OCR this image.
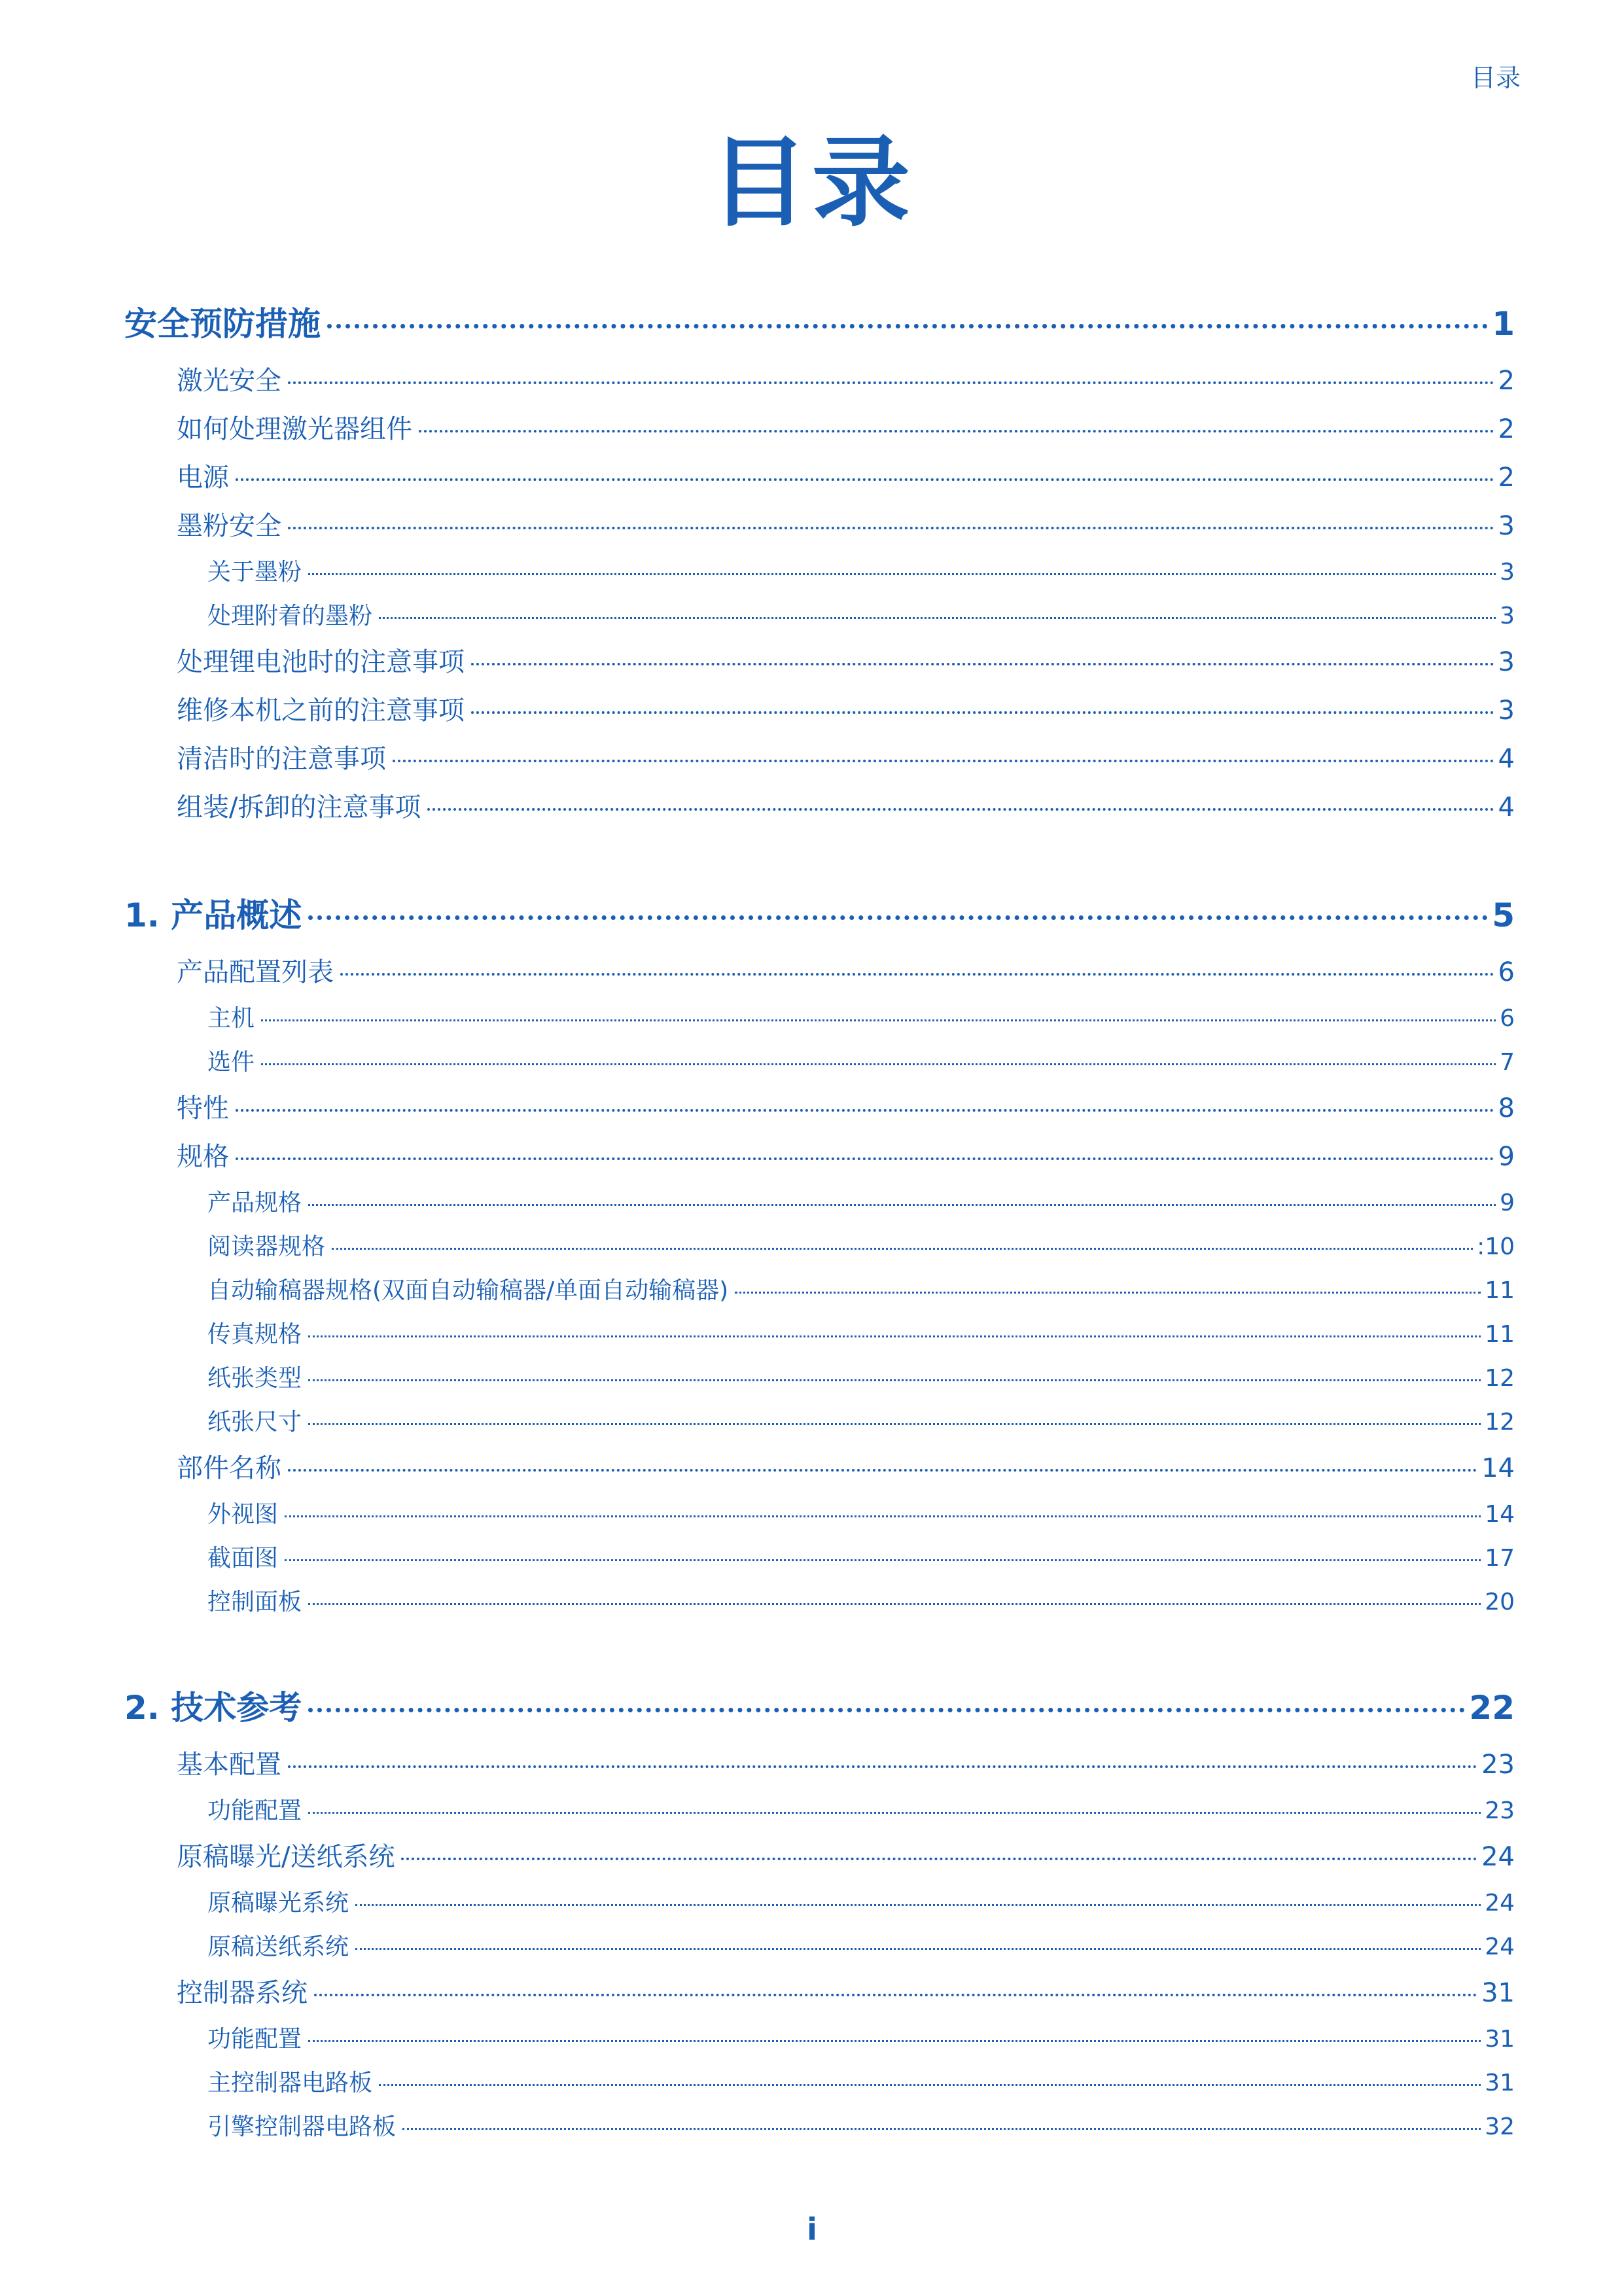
目录
目录
安全预防措施	1
激光安全	2
如何处理激光器组件	2
电源	2
墨粉安全	3
关于墨粉	3
处理附着的墨粉	3
处理锂电池时的注意事项	3
维修本机之前的注意事项	3
清洁时的注意事项	4
组装/拆卸的注意事项	4
1. 产品概述	5
产品配置列表	6
主机	6
选件	7
特性	8
规格	9
产品规格	9
阅读器规格	:10
自动输稿器规格(双面自动输稿器/单面自动输稿器)	11
传真规格	11
纸张类型	12
纸张尺寸	12
部件名称	14
外视图	14
截面图	17
控制面板	20
2. 技术参考	22
基本配置	23
功能配置	23
原稿曝光/送纸系统	24
原稿曝光系统	24
原稿送纸系统	24
控制器系统	31
功能配置	31
主控制器电路板	31
引擎控制器电路板	32
i
